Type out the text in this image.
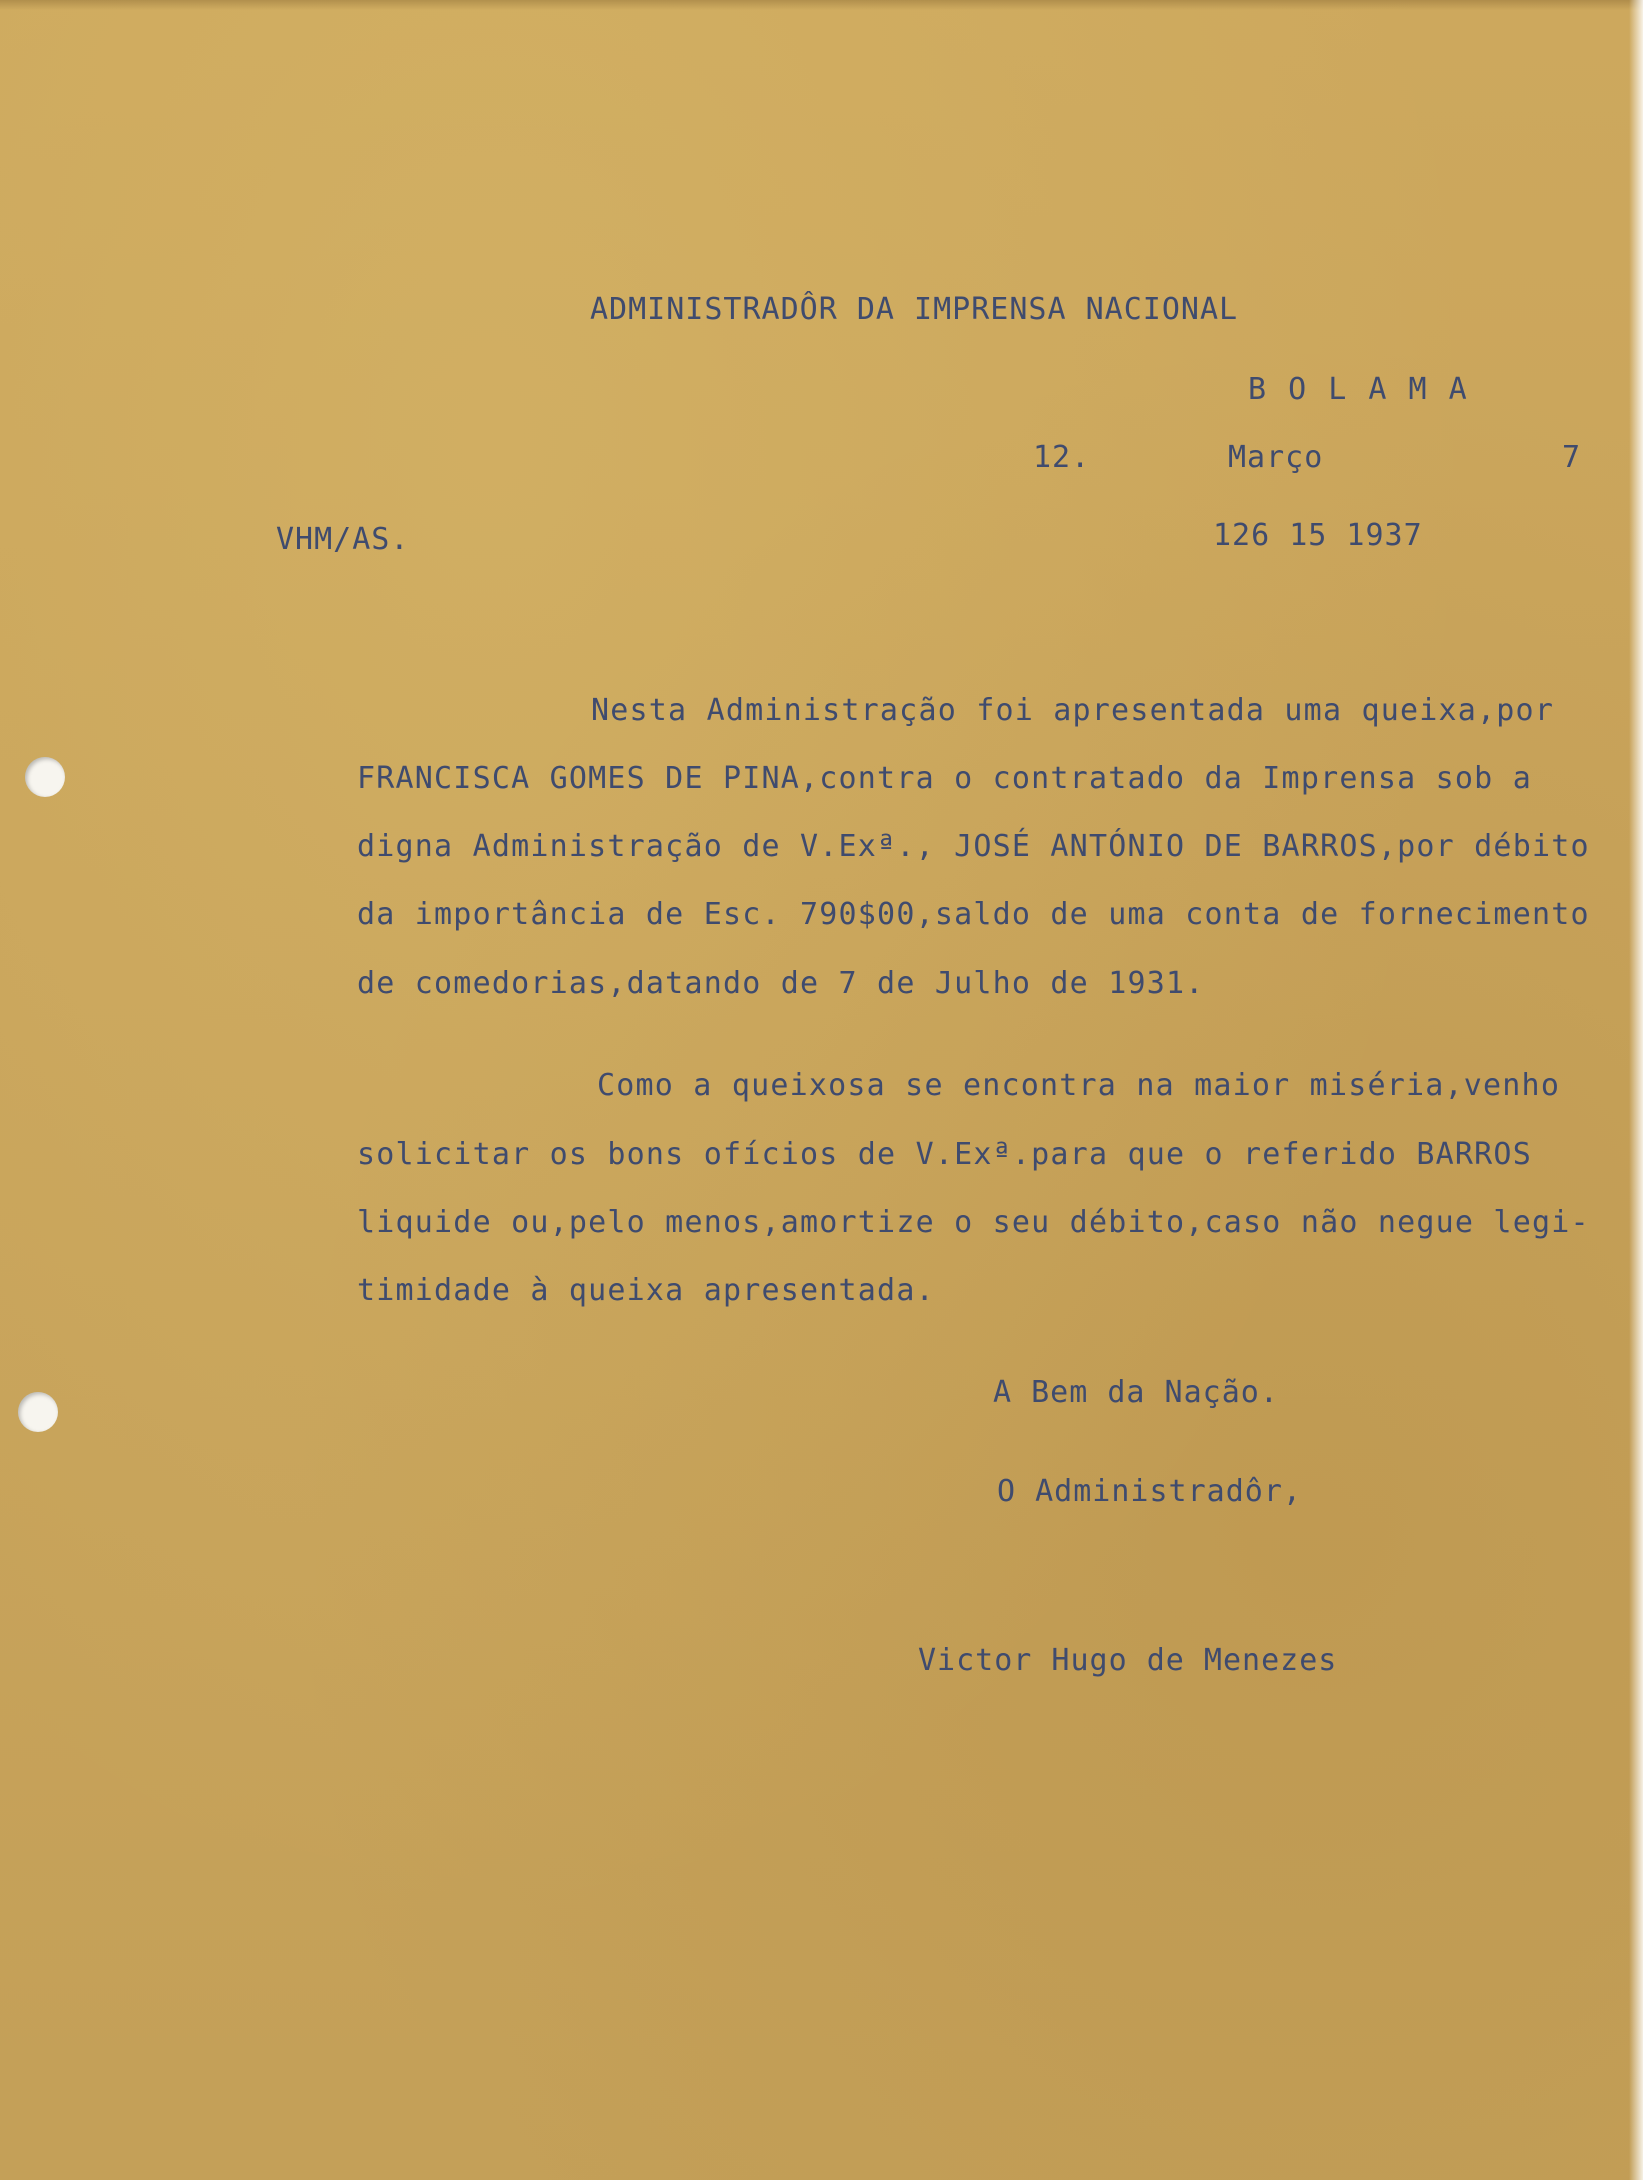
ADMINISTRADÔR DA IMPRENSA NACIONAL
B O L A M A
12.	Março	7
VHM/AS.	126 15 1937
Nesta Administração foi apresentada uma queixa,por
FRANCISCA GOMES DE PINA,contra o contratado da Imprensa sob a
digna Administração de V.Exª., JOSÉ ANTÓNIO DE BARROS,por débito
da importância de Esc. 790$00,saldo de uma conta de fornecimento
de comedorias,datando de 7 de Julho de 1931.
Como a queixosa se encontra na maior miséria,venho
solicitar os bons ofícios de V.Exª.para que o referido BARROS
liquide ou,pelo menos,amortize o seu débito,caso não negue legi-
timidade à queixa apresentada.
A Bem da Nação.
O Administradôr,
Victor Hugo de Menezes
